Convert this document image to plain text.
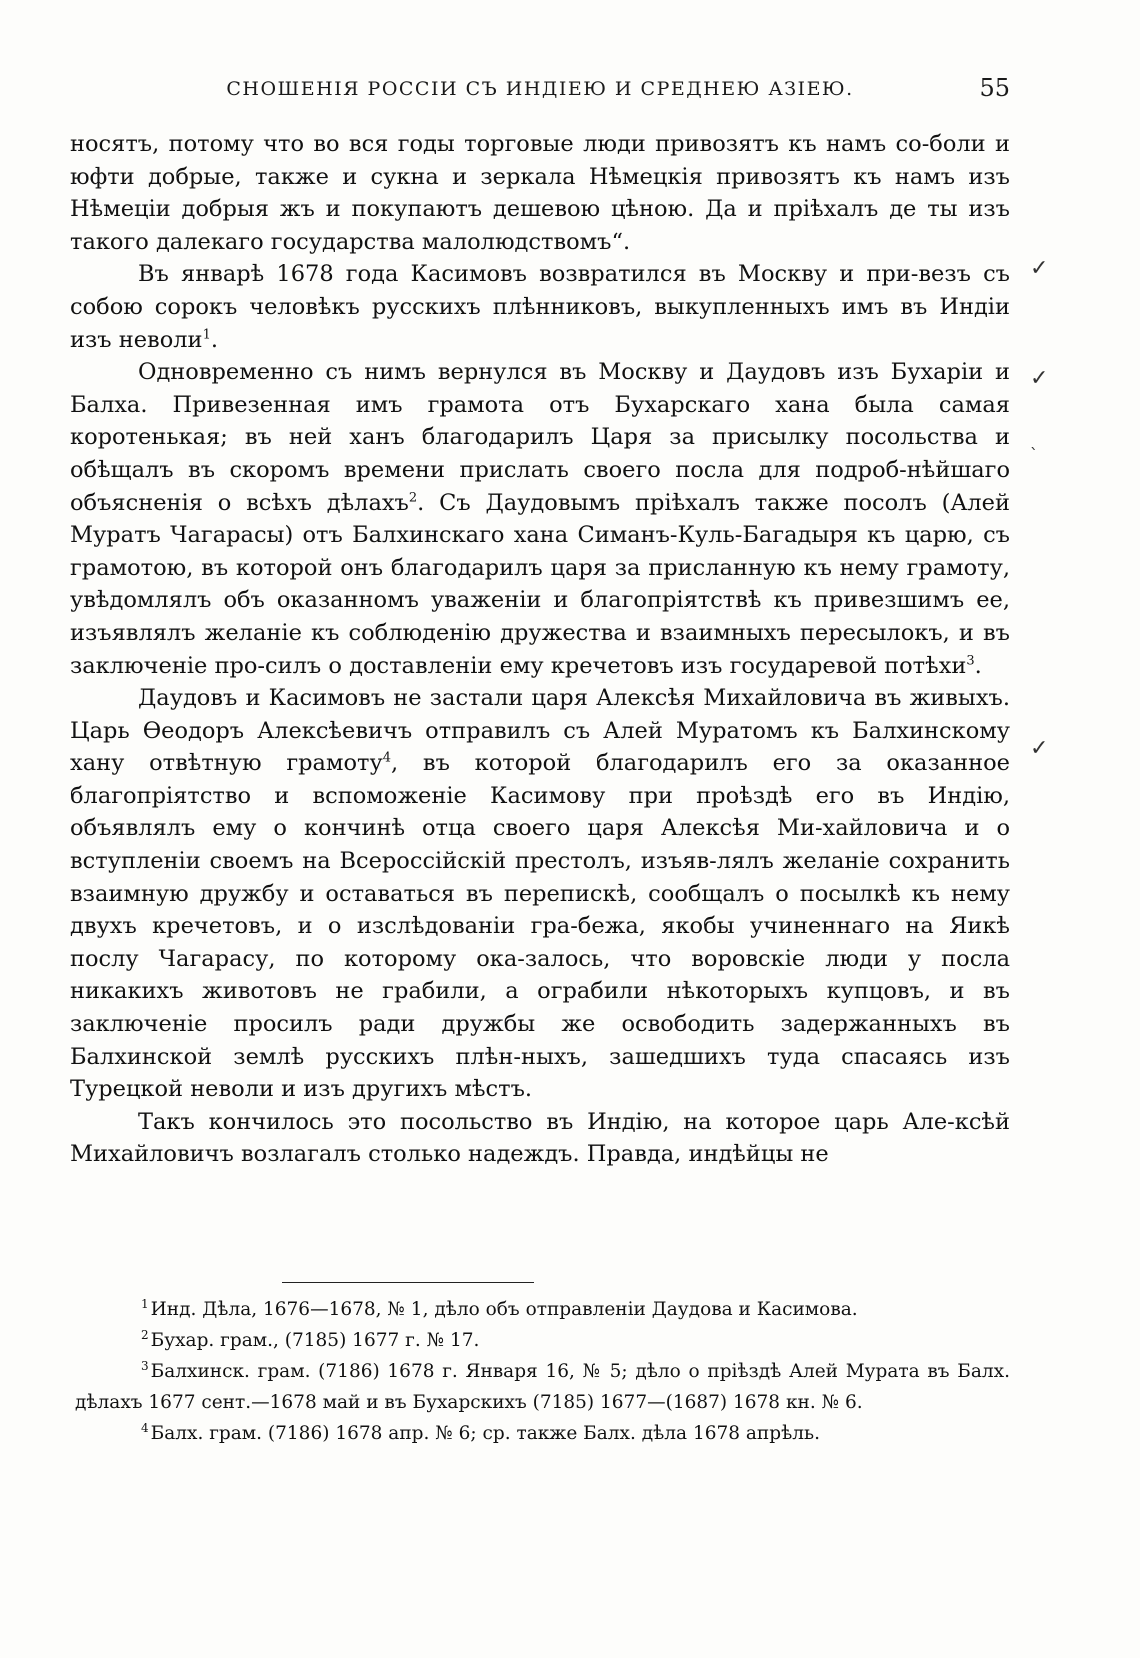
СНОШЕНІЯ РОССІИ СЪ ИНДІЕЮ И СРЕДНЕЮ АЗІЕЮ.	55

носятъ, потому что во вся годы торговые люди привозятъ къ намъ со-боли и юфти добрые, также и сукна и зеркала Нѣмецкія привозятъ къ намъ изъ Нѣмеціи добрыя жъ и покупаютъ дешевою цѣною. Да и пріѣхалъ де ты изъ такого далекаго государства малолюдствомъ“.

Въ январѣ 1678 года Касимовъ возвратился въ Москву и при-везъ съ собою сорокъ человѣкъ русскихъ плѣнниковъ, выкупленныхъ имъ въ Индіи изъ неволи$^1$.

Одновременно съ нимъ вернулся въ Москву и Даудовъ изъ Бухаріи и Балха. Привезенная имъ грамота отъ Бухарскаго хана была самая коротенькая; въ ней ханъ благодарилъ Царя за присылку посольства и обѣщалъ въ скоромъ времени прислать своего посла для подроб-нѣйшаго объясненія о всѣхъ дѣлахъ$^2$. Съ Даудовымъ пріѣхалъ также посолъ (Алей Муратъ Чагарасы) отъ Балхинскаго хана Симанъ-Куль-Багадыря къ царю, съ грамотою, въ которой онъ благодарилъ царя за присланную къ нему грамоту, увѣдомлялъ объ оказанномъ уваженіи и благопріятствѣ къ привезшимъ ее, изъявлялъ желаніе къ соблюденію дружества и взаимныхъ пересылокъ, и въ заключеніе про-силъ о доставленіи ему кречетовъ изъ государевой потѣхи$^3$.

Даудовъ и Касимовъ не застали царя Алексѣя Михайловича въ живыхъ. Царь Ѳеодоръ Алексѣевичъ отправилъ съ Алей Муратомъ къ Балхинскому хану отвѣтную грамоту$^4$, въ которой благодарилъ его за оказанное благопріятство и вспоможеніе Касимову при проѣздѣ его въ Индію, объявлялъ ему о кончинѣ отца своего царя Алексѣя Ми-хайловича и о вступленіи своемъ на Всероссійскій престолъ, изъяв-лялъ желаніе сохранить взаимную дружбу и оставаться въ перепискѣ, сообщалъ о посылкѣ къ нему двухъ кречетовъ, и о изслѣдованіи гра-бежа, якобы учиненнаго на Яикѣ послу Чагарасу, по которому ока-залось, что воровскіе люди у посла никакихъ животовъ не грабили, а ограбили нѣкоторыхъ купцовъ, и въ заключеніе просилъ ради дружбы же освободить задержанныхъ въ Балхинской землѣ русскихъ плѣн-ныхъ, зашедшихъ туда спасаясь изъ Турецкой неволи и изъ другихъ мѣстъ.

Такъ кончилось это посольство въ Индію, на которое царь Але-ксѣй Михайловичъ возлагалъ столько надеждъ. Правда, индѣйцы не

$^1$ Инд. Дѣла, 1676—1678, № 1, дѣло объ отправленіи Даудова и Касимова.

$^2$ Бухар. грам., (7185) 1677 г. № 17.

$^3$ Балхинск. грам. (7186) 1678 г. Января 16, № 5; дѣло о пріѣздѣ Алей Мурата въ Балх. дѣлахъ 1677 сент.—1678 май и въ Бухарскихъ (7185) 1677—(1687) 1678 кн. № 6.

$^4$ Балх. грам. (7186) 1678 апр. № 6; ср. также Балх. дѣла 1678 апрѣль.

✓
✓
ˎ
✓
